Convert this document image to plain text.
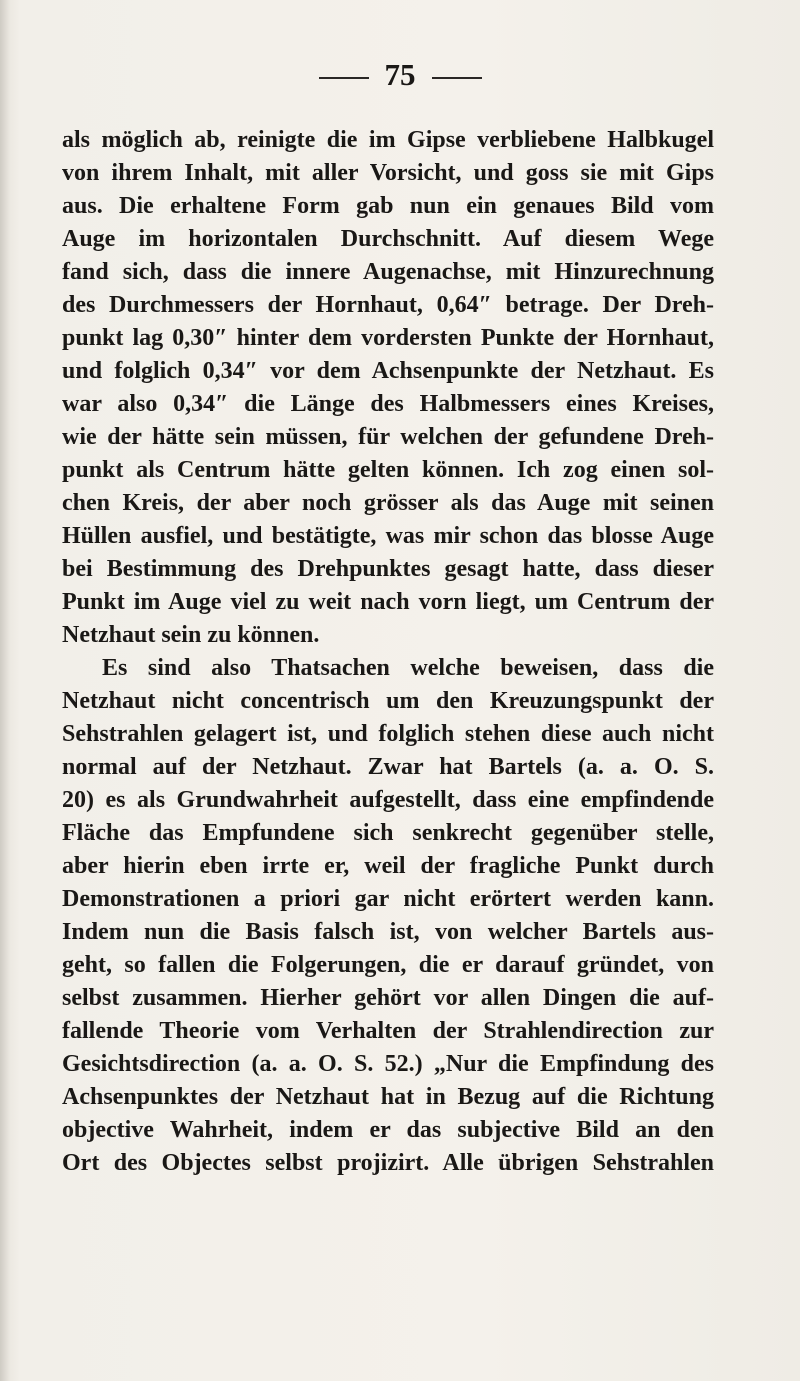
75
als möglich ab, reinigte die im Gipse verbliebene Halbkugel
von ihrem Inhalt, mit aller Vorsicht, und goss sie mit Gips
aus. Die erhaltene Form gab nun ein genaues Bild vom
Auge im horizontalen Durchschnitt. Auf diesem Wege
fand sich, dass die innere Augenachse, mit Hinzurechnung
des Durchmessers der Hornhaut, 0,64″ betrage. Der Dreh-
punkt lag 0,30″ hinter dem vordersten Punkte der Hornhaut,
und folglich 0,34″ vor dem Achsenpunkte der Netzhaut. Es
war also 0,34″ die Länge des Halbmessers eines Kreises,
wie der hätte sein müssen, für welchen der gefundene Dreh-
punkt als Centrum hätte gelten können. Ich zog einen sol-
chen Kreis, der aber noch grösser als das Auge mit seinen
Hüllen ausfiel, und bestätigte, was mir schon das blosse Auge
bei Bestimmung des Drehpunktes gesagt hatte, dass dieser
Punkt im Auge viel zu weit nach vorn liegt, um Centrum der
Netzhaut sein zu können.
Es sind also Thatsachen welche beweisen, dass die
Netzhaut nicht concentrisch um den Kreuzungspunkt der
Sehstrahlen gelagert ist, und folglich stehen diese auch nicht
normal auf der Netzhaut. Zwar hat Bartels (a. a. O. S.
20) es als Grundwahrheit aufgestellt, dass eine empfindende
Fläche das Empfundene sich senkrecht gegenüber stelle,
aber hierin eben irrte er, weil der fragliche Punkt durch
Demonstrationen a priori gar nicht erörtert werden kann.
Indem nun die Basis falsch ist, von welcher Bartels aus-
geht, so fallen die Folgerungen, die er darauf gründet, von
selbst zusammen. Hierher gehört vor allen Dingen die auf-
fallende Theorie vom Verhalten der Strahlendirection zur
Gesichtsdirection (a. a. O. S. 52.) „Nur die Empfindung des
Achsenpunktes der Netzhaut hat in Bezug auf die Richtung
objective Wahrheit, indem er das subjective Bild an den
Ort des Objectes selbst projizirt. Alle übrigen Sehstrahlen
